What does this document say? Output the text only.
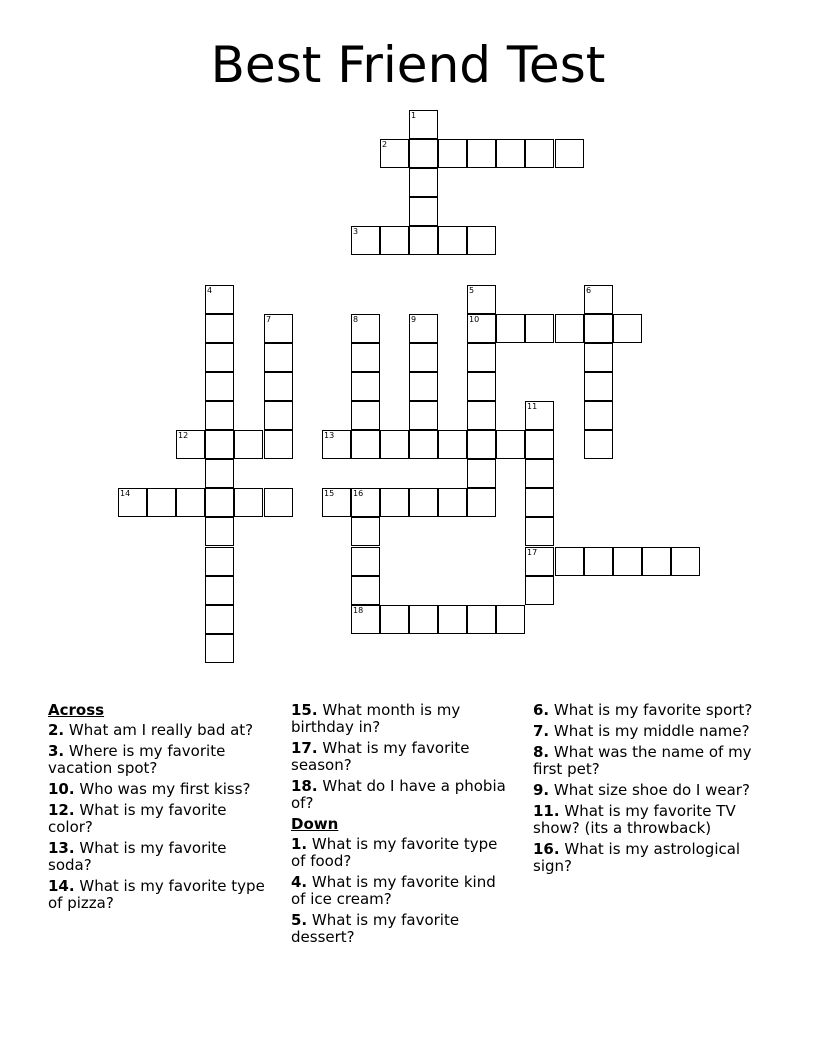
Best Friend Test
1
2
3
4	5
10
6
7	8	9
11
17
12	13
14	15 16
18
Across
2. What am I really bad at?
3. Where is my favorite vacation spot?
10. Who was my first kiss?
12. What is my favorite color?
13. What is my favorite soda?
14. What is my favorite type of pizza?
15. What month is my birthday in?
17. What is my favorite season?
18. What do I have a phobia of?
Down
1. What is my favorite type of food?
4. What is my favorite kind of ice cream?
5. What is my favorite dessert?
6. What is my favorite sport?
7. What is my middle name?
8. What was the name of my first pet?
9. What size shoe do I wear?
11. What is my favorite TV show? (its a throwback)
16. What is my astrological sign?
